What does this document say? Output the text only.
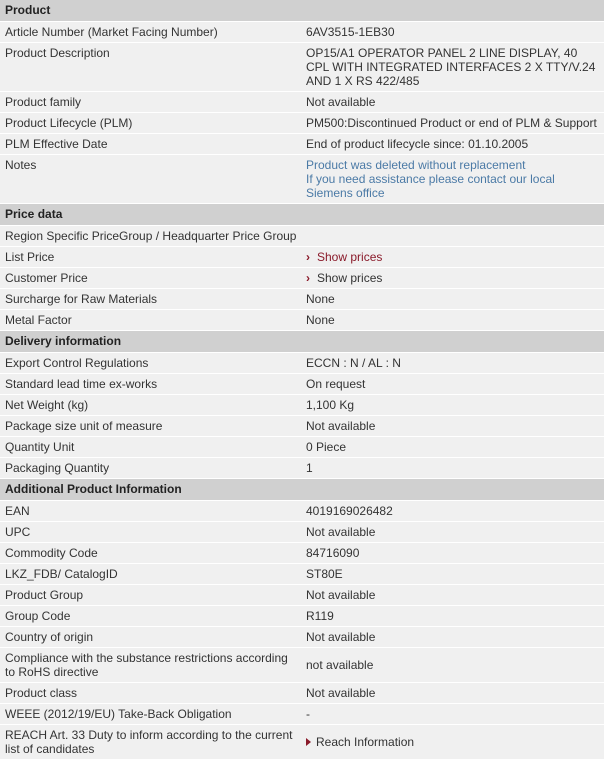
Product	
Article Number (Market Facing Number)	6AV3515-1EB30
Product Description	OP15/A1 OPERATOR PANEL 2 LINE DISPLAY, 40 CPL WITH INTEGRATED INTERFACES 2 X TTY/V.24 AND 1 X RS 422/485
Product family	Not available
Product Lifecycle (PLM)	PM500:Discontinued Product or end of PLM & Support
PLM Effective Date	End of product lifecycle since: 01.10.2005
Notes	Product was deleted without replacement
If you need assistance please contact our local Siemens office
Price data	
Region Specific PriceGroup / Headquarter Price Group	
List Price	› Show prices
Customer Price	› Show prices
Surcharge for Raw Materials	None
Metal Factor	None
Delivery information	
Export Control Regulations	ECCN : N / AL : N
Standard lead time ex-works	On request
Net Weight (kg)	1,100 Kg
Package size unit of measure	Not available
Quantity Unit	0 Piece
Packaging Quantity	1
Additional Product Information	
EAN	4019169026482
UPC	Not available
Commodity Code	84716090
LKZ_FDB/ CatalogID	ST80E
Product Group	Not available
Group Code	R119
Country of origin	Not available
Compliance with the substance restrictions according to RoHS directive	not available
Product class	Not available
WEEE (2012/19/EU) Take-Back Obligation	-
REACH Art. 33 Duty to inform according to the current list of candidates	Reach Information
